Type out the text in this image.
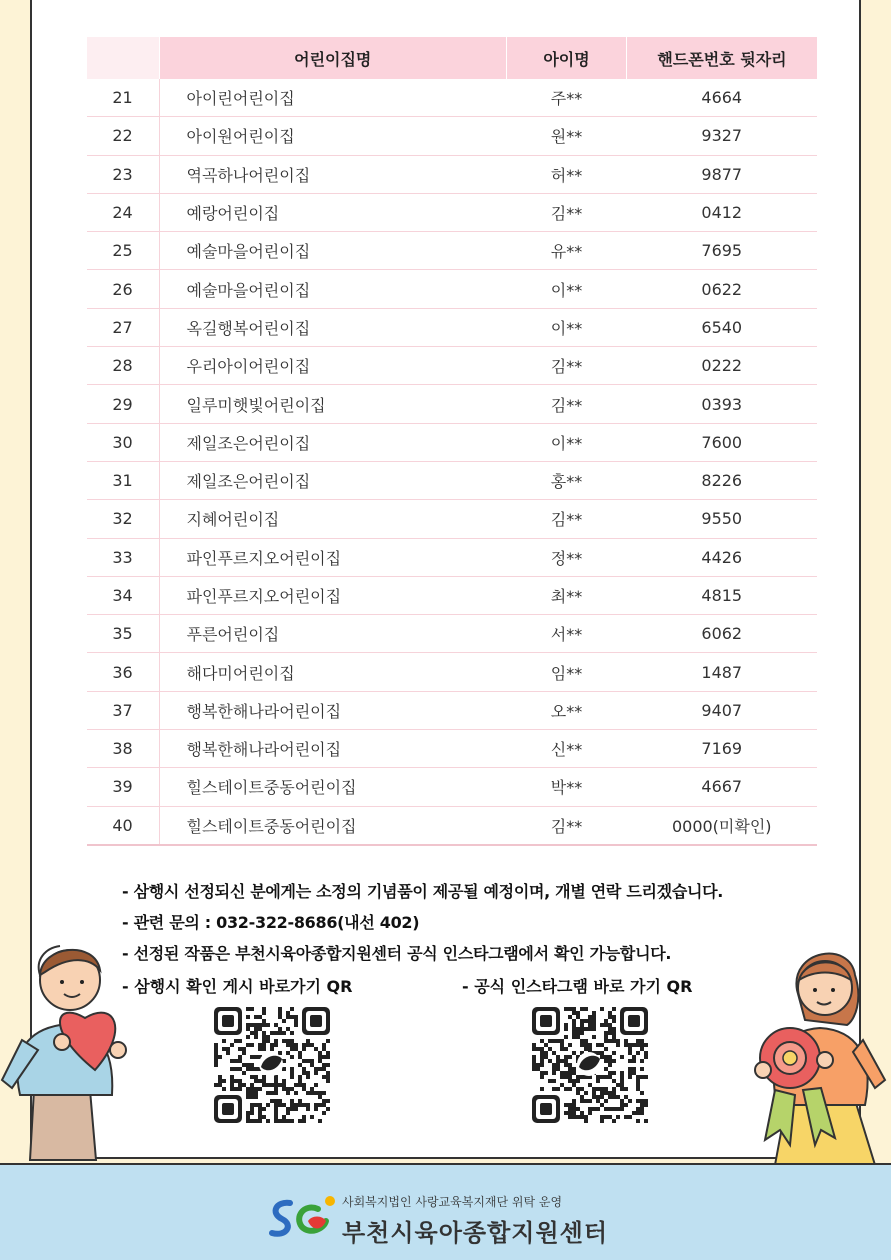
	어린이집명	아이명	핸드폰번호 뒷자리
21	아이린어린이집	주**	4664
22	아이원어린이집	원**	9327
23	역곡하나어린이집	허**	9877
24	예랑어린이집	김**	0412
25	예술마을어린이집	유**	7695
26	예술마을어린이집	이**	0622
27	옥길행복어린이집	이**	6540
28	우리아이어린이집	김**	0222
29	일루미햇빛어린이집	김**	0393
30	제일조은어린이집	이**	7600
31	제일조은어린이집	홍**	8226
32	지혜어린이집	김**	9550
33	파인푸르지오어린이집	정**	4426
34	파인푸르지오어린이집	최**	4815
35	푸른어린이집	서**	6062
36	해다미어린이집	임**	1487
37	행복한해나라어린이집	오**	9407
38	행복한해나라어린이집	신**	7169
39	힐스테이트중동어린이집	박**	4667
40	힐스테이트중동어린이집	김**	0000(미확인)
- 삼행시 선정되신 분에게는 소정의 기념품이 제공될 예정이며, 개별 연락 드리겠습니다.
- 관련 문의 : 032-322-8686(내선 402)
- 선정된 작품은 부천시육아종합지원센터 공식 인스타그램에서 확인 가능합니다.
- 삼행시 확인 게시 바로가기 QR	- 공식 인스타그램 바로 가기 QR
사회복지법인 사랑교육복지재단 위탁 운영
부천시육아종합지원센터
